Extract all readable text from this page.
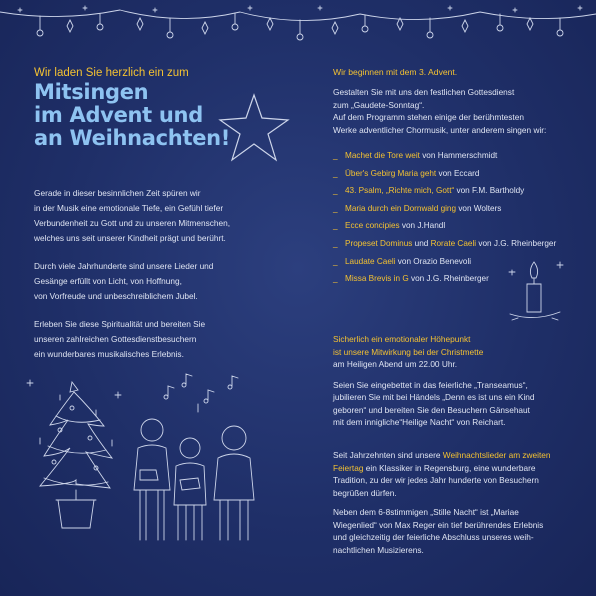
Wir laden Sie herzlich ein zum

Mitsingen
im Advent und
an Weihnachten!

Gerade in dieser besinnlichen Zeit spüren wir
in der Musik eine emotionale Tiefe, ein Gefühl tiefer
Verbundenheit zu Gott und zu unseren Mitmenschen,
welches uns seit unserer Kindheit prägt und berührt.

Durch viele Jahrhunderte sind unsere Lieder und
Gesänge erfüllt von Licht, von Hoffnung,
von Vorfreude und unbeschreiblichem Jubel.

Erleben Sie diese Spiritualität und bereiten Sie
unseren zahlreichen Gottesdienstbesuchern
ein wunderbares musikalisches Erlebnis.

Wir beginnen mit dem 3. Advent.

Gestalten Sie mit uns den festlichen Gottesdienst
zum „Gaudete-Sonntag“.
Auf dem Programm stehen einige der berühmtesten
Werke adventlicher Chormusik, unter anderem singen wir:

_ Machet die Tore weit von Hammerschmidt
_ Über's Gebirg Maria geht von Eccard
_ 43. Psalm, „Richte mich, Gott“ von F.M. Bartholdy
_ Maria durch ein Dornwald ging von Wolters
_ Ecce concipies von J.Handl
_ Propeset Dominus und Rorate Caeli von J.G. Rheinberger
_ Laudate Caeli von Orazio Benevoli
_ Missa Brevis in G von J.G. Rheinberger

Sicherlich ein emotionaler Höhepunkt
ist unsere Mitwirkung bei der Christmette
am Heiligen Abend um 22.00 Uhr.

Seien Sie eingebettet in das feierliche „Transeamus“,
jubilieren Sie mit bei Händels „Denn es ist uns ein Kind
geboren“ und bereiten Sie den Besuchern Gänsehaut
mit dem innigliche“Heilige Nacht“ von Reichart.

Seit Jahrzehnten sind unsere Weihnachtslieder am zweiten
Feiertag ein Klassiker in Regensburg, eine wunderbare
Tradition, zu der wir jedes Jahr hunderte von Besuchern
begrüßen dürfen.

Neben dem 6-8stimmigen „Stille Nacht“ ist „Mariae
Wiegenlied“ von Max Reger ein tief berührendes Erlebnis
und gleichzeitig der feierliche Abschluss unseres weih-
nachtlichen Musizierens.
